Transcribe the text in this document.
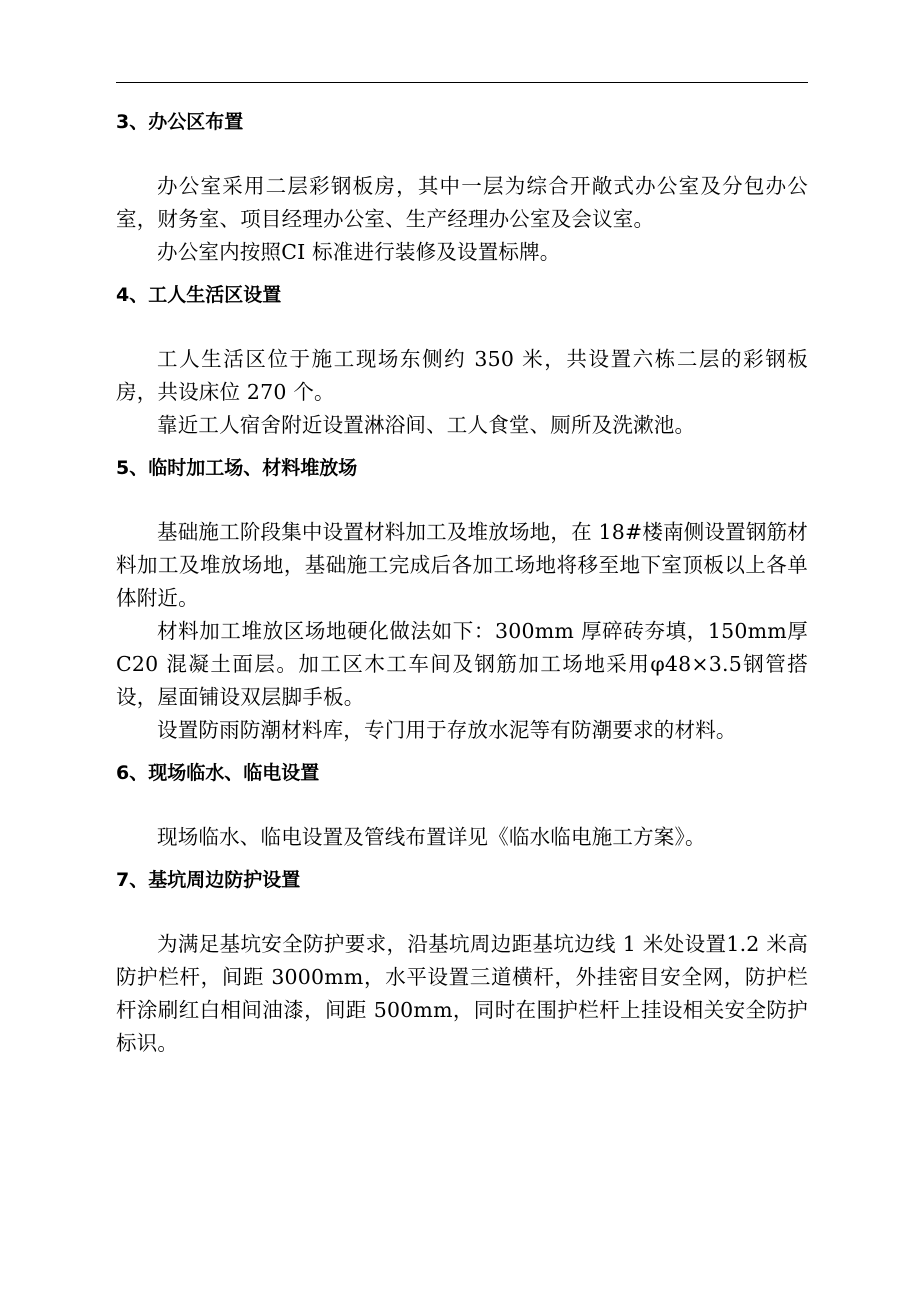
3、办公区布置

办公室采用二层彩钢板房，其中一层为综合开敞式办公室及分包办公室，财务室、项目经理办公室、生产经理办公室及会议室。

办公室内按照CI 标准进行装修及设置标牌。

4、工人生活区设置

工人生活区位于施工现场东侧约 350 米，共设置六栋二层的彩钢板房，共设床位 270 个。

靠近工人宿舍附近设置淋浴间、工人食堂、厕所及洗漱池。

5、临时加工场、材料堆放场

基础施工阶段集中设置材料加工及堆放场地，在 18#楼南侧设置钢筋材料加工及堆放场地，基础施工完成后各加工场地将移至地下室顶板以上各单体附近。

材料加工堆放区场地硬化做法如下：300mm 厚碎砖夯填，150mm厚 C20 混凝土面层。加工区木工车间及钢筋加工场地采用φ48×3.5钢管搭设，屋面铺设双层脚手板。

设置防雨防潮材料库，专门用于存放水泥等有防潮要求的材料。

6、现场临水、临电设置

现场临水、临电设置及管线布置详见《临水临电施工方案》。

7、基坑周边防护设置

为满足基坑安全防护要求，沿基坑周边距基坑边线 1 米处设置1.2 米高防护栏杆，间距 3000mm，水平设置三道横杆，外挂密目安全网，防护栏杆涂刷红白相间油漆，间距 500mm，同时在围护栏杆上挂设相关安全防护标识。
